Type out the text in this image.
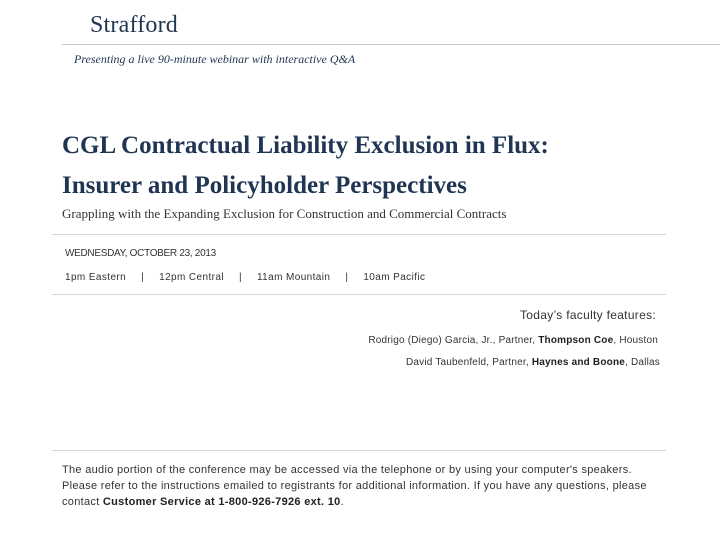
Strafford
Presenting a live 90-minute webinar with interactive Q&A
CGL Contractual Liability Exclusion in Flux:
Insurer and Policyholder Perspectives
Grappling with the Expanding Exclusion for Construction and Commercial Contracts
WEDNESDAY, OCTOBER 23, 2013
1pm Eastern | 12pm Central | 11am Mountain | 10am Pacific
Today’s faculty features:
Rodrigo (Diego) Garcia, Jr., Partner, Thompson Coe, Houston
David Taubenfeld, Partner, Haynes and Boone, Dallas
The audio portion of the conference may be accessed via the telephone or by using your computer's speakers. Please refer to the instructions emailed to registrants for additional information. If you have any questions, please contact Customer Service at 1-800-926-7926 ext. 10.
